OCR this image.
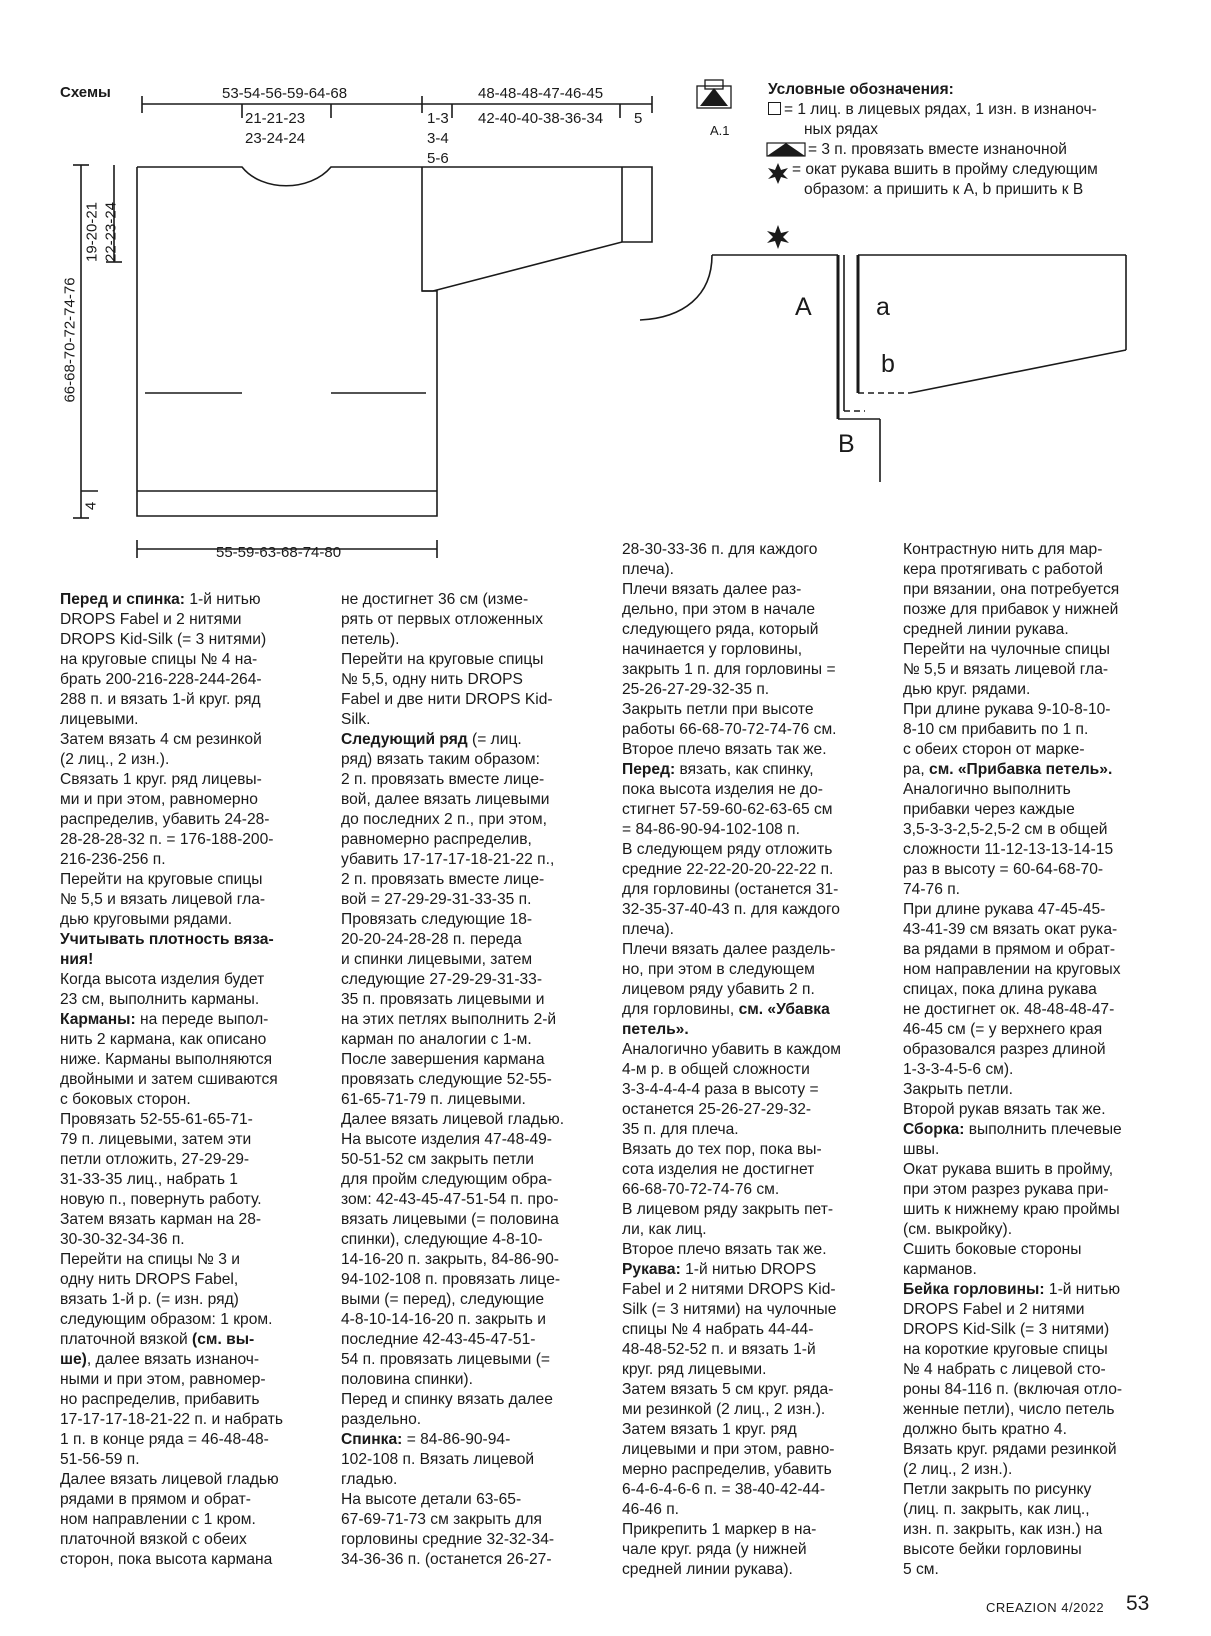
Схемы	53-54-56-59-64-68
21-21-23
23-24-24
1-3
3-4
5-6
48-48-48-47-46-45
42-40-40-38-36-34 5
55-59-63-68-74-80
A.1
66-68-70-72-74-76
19-20-21 22-23-24
4
A	a
b
B
Условные обозначения:
= 1 лиц. в лицевых рядах, 1 изн. в изнаноч-
ных рядах
= 3 п. провязать вместе изнаночной
= окат рукава вшить в пройму следующим
образом: a пришить к A, b пришить к B
Перед и спинка: 1-й нитью
DROPS Fabel и 2 нитями
DROPS Kid-Silk (= 3 нитями)
на круговые спицы № 4 на-
брать 200-216-228-244-264-
288 п. и вязать 1-й круг. ряд
лицевыми.
Затем вязать 4 см резинкой
(2 лиц., 2 изн.).
Связать 1 круг. ряд лицевы-
ми и при этом, равномерно
распределив, убавить 24-28-
28-28-28-32 п. = 176-188-200-
216-236-256 п.
Перейти на круговые спицы
№ 5,5 и вязать лицевой гла-
дью круговыми рядами.
Учитывать плотность вяза-
ния!
Когда высота изделия будет
23 см, выполнить карманы.
Карманы: на переде выпол-
нить 2 кармана, как описано
ниже. Карманы выполняются
двойными и затем сшиваются
с боковых сторон.
Провязать 52-55-61-65-71-
79 п. лицевыми, затем эти
петли отложить, 27-29-29-
31-33-35 лиц., набрать 1
новую п., повернуть работу.
Затем вязать карман на 28-
30-30-32-34-36 п.
Перейти на спицы № 3 и
одну нить DROPS Fabel,
вязать 1-й р. (= изн. ряд)
следующим образом: 1 кром.
платочной вязкой (см. вы-
ше), далее вязать изнаноч-
ными и при этом, равномер-
но распределив, прибавить
17-17-17-18-21-22 п. и набрать
1 п. в конце ряда = 46-48-48-
51-56-59 п.
Далее вязать лицевой гладью
рядами в прямом и обрат-
ном направлении с 1 кром.
платочной вязкой с обеих
сторон, пока высота кармана
не достигнет 36 см (изме-
рять от первых отложенных
петель).
Перейти на круговые спицы
№ 5,5, одну нить DROPS
Fabel и две нити DROPS Kid-
Silk.
Следующий ряд (= лиц.
ряд) вязать таким образом:
2 п. провязать вместе лице-
вой, далее вязать лицевыми
до последних 2 п., при этом,
равномерно распределив,
убавить 17-17-17-18-21-22 п.,
2 п. провязать вместе лице-
вой = 27-29-29-31-33-35 п.
Провязать следующие 18-
20-20-24-28-28 п. переда
и спинки лицевыми, затем
следующие 27-29-29-31-33-
35 п. провязать лицевыми и
на этих петлях выполнить 2-й
карман по аналогии с 1-м.
После завершения кармана
провязать следующие 52-55-
61-65-71-79 п. лицевыми.
Далее вязать лицевой гладью.
На высоте изделия 47-48-49-
50-51-52 см закрыть петли
для пройм следующим обра-
зом: 42-43-45-47-51-54 п. про-
вязать лицевыми (= половина
спинки), следующие 4-8-10-
14-16-20 п. закрыть, 84-86-90-
94-102-108 п. провязать лице-
выми (= перед), следующие
4-8-10-14-16-20 п. закрыть и
последние 42-43-45-47-51-
54 п. провязать лицевыми (=
половина спинки).
Перед и спинку вязать далее
раздельно.
Спинка: = 84-86-90-94-
102-108 п. Вязать лицевой
гладью.
На высоте детали 63-65-
67-69-71-73 см закрыть для
горловины средние 32-32-34-
34-36-36 п. (останется 26-27-
28-30-33-36 п. для каждого
плеча).
Плечи вязать далее раз-
дельно, при этом в начале
следующего ряда, который
начинается у горловины,
закрыть 1 п. для горловины =
25-26-27-29-32-35 п.
Закрыть петли при высоте
работы 66-68-70-72-74-76 см.
Второе плечо вязать так же.
Перед: вязать, как спинку,
пока высота изделия не до-
стигнет 57-59-60-62-63-65 см
= 84-86-90-94-102-108 п.
В следующем ряду отложить
средние 22-22-20-20-22-22 п.
для горловины (останется 31-
32-35-37-40-43 п. для каждого
плеча).
Плечи вязать далее раздель-
но, при этом в следующем
лицевом ряду убавить 2 п.
для горловины, см. «Убавка
петель».
Аналогично убавить в каждом
4-м р. в общей сложности
3-3-4-4-4-4 раза в высоту =
останется 25-26-27-29-32-
35 п. для плеча.
Вязать до тех пор, пока вы-
сота изделия не достигнет
66-68-70-72-74-76 см.
В лицевом ряду закрыть пет-
ли, как лиц.
Второе плечо вязать так же.
Рукава: 1-й нитью DROPS
Fabel и 2 нитями DROPS Kid-
Silk (= 3 нитями) на чулочные
спицы № 4 набрать 44-44-
48-48-52-52 п. и вязать 1-й
круг. ряд лицевыми.
Затем вязать 5 см круг. ряда-
ми резинкой (2 лиц., 2 изн.).
Затем вязать 1 круг. ряд
лицевыми и при этом, равно-
мерно распределив, убавить
6-4-6-4-6-6 п. = 38-40-42-44-
46-46 п.
Прикрепить 1 маркер в на-
чале круг. ряда (у нижней
средней линии рукава).
Контрастную нить для мар-
кера протягивать с работой
при вязании, она потребуется
позже для прибавок у нижней
средней линии рукава.
Перейти на чулочные спицы
№ 5,5 и вязать лицевой гла-
дью круг. рядами.
При длине рукава 9-10-8-10-
8-10 см прибавить по 1 п.
с обеих сторон от марке-
ра, см. «Прибавка петель».
Аналогично выполнить
прибавки через каждые
3,5-3-3-2,5-2,5-2 см в общей
сложности 11-12-13-13-14-15
раз в высоту = 60-64-68-70-
74-76 п.
При длине рукава 47-45-45-
43-41-39 см вязать окат рука-
ва рядами в прямом и обрат-
ном направлении на круговых
спицах, пока длина рукава
не достигнет ок. 48-48-48-47-
46-45 см (= у верхнего края
образовался разрез длиной
1-3-3-4-5-6 см).
Закрыть петли.
Второй рукав вязать так же.
Сборка: выполнить плечевые
швы.
Окат рукава вшить в пройму,
при этом разрез рукава при-
шить к нижнему краю проймы
(см. выкройку).
Сшить боковые стороны
карманов.
Бейка горловины: 1-й нитью
DROPS Fabel и 2 нитями
DROPS Kid-Silk (= 3 нитями)
на короткие круговые спицы
№ 4 набрать с лицевой сто-
роны 84-116 п. (включая отло-
женные петли), число петель
должно быть кратно 4.
Вязать круг. рядами резинкой
(2 лиц., 2 изн.).
Петли закрыть по рисунку
(лиц. п. закрыть, как лиц.,
изн. п. закрыть, как изн.) на
высоте бейки горловины
5 см.
CREAZION 4/2022 53
